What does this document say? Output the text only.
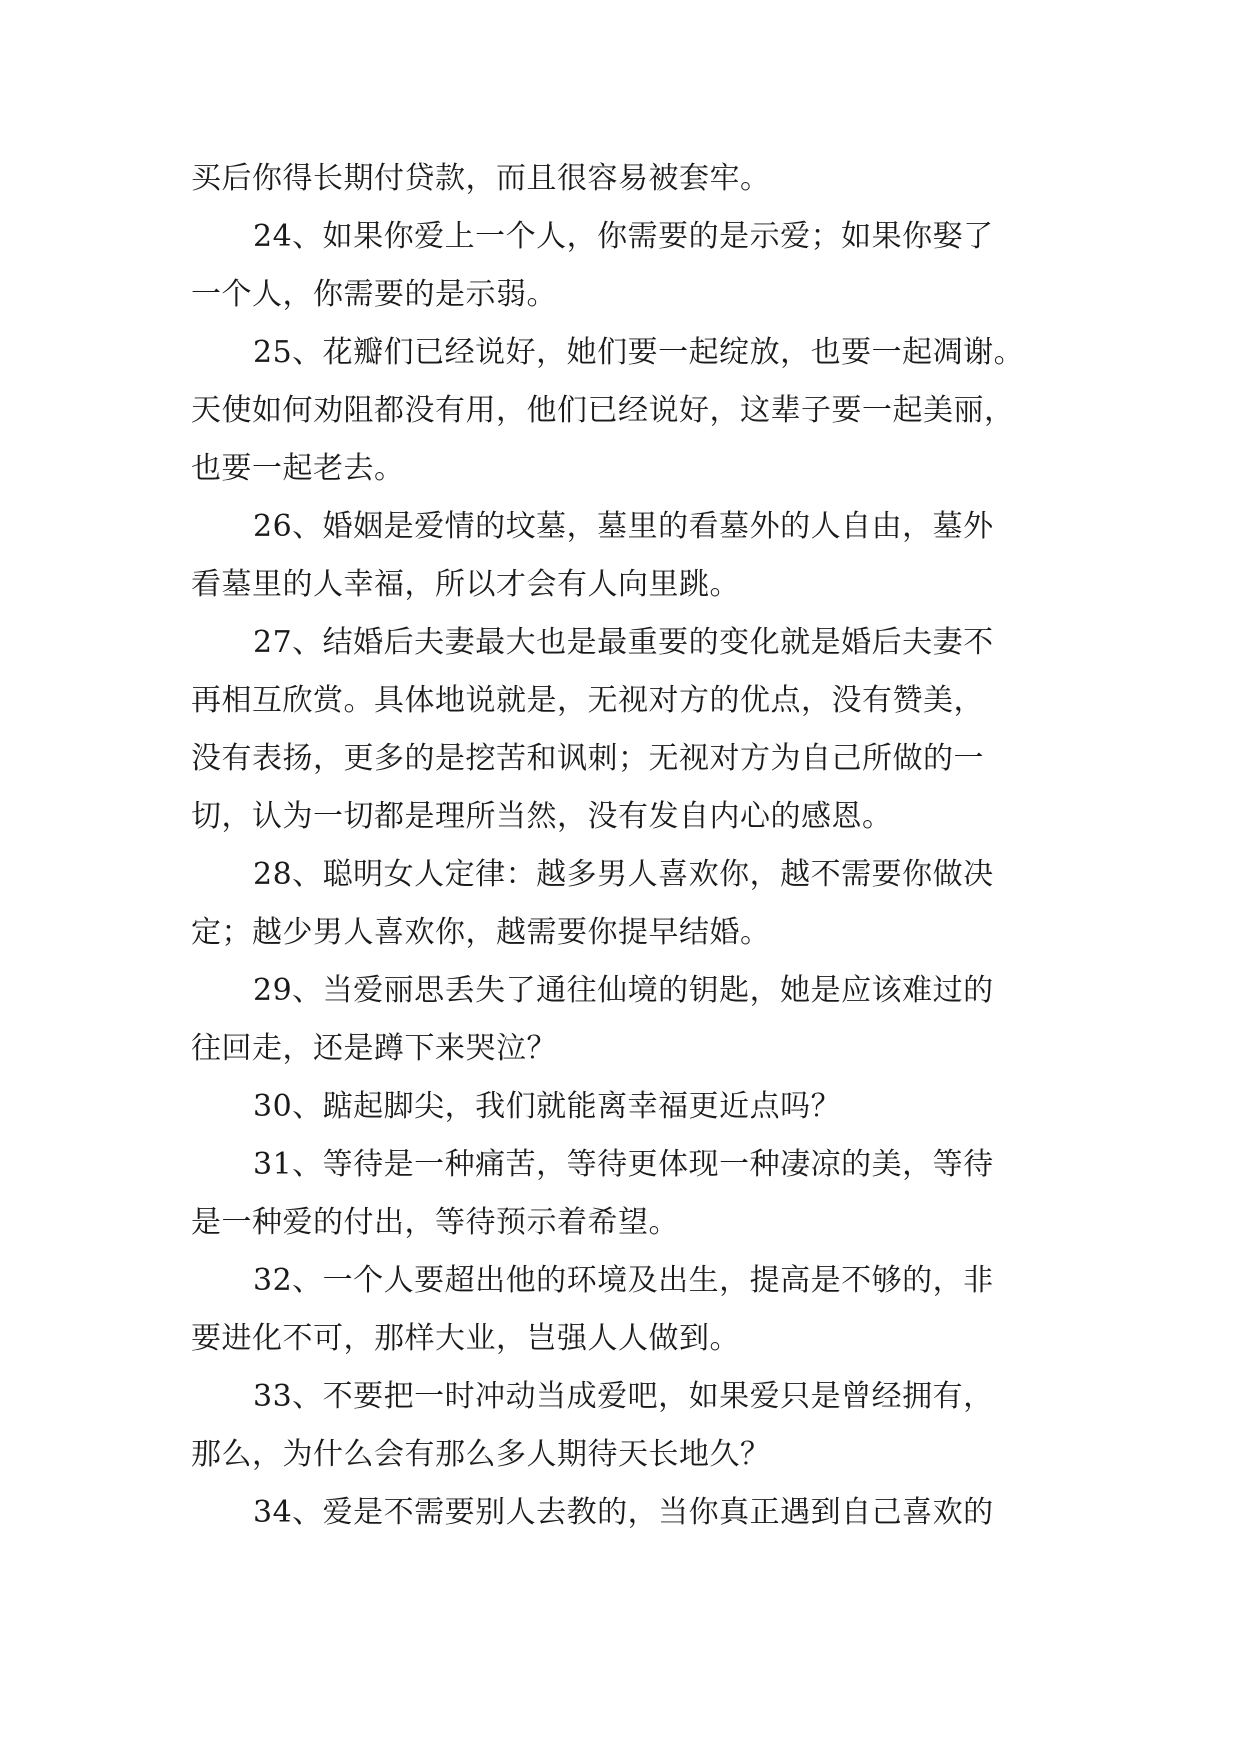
买后你得长期付贷款，而且很容易被套牢。
24、如果你爱上一个人，你需要的是示爱；如果你娶了
一个人，你需要的是示弱。
25、花瓣们已经说好，她们要一起绽放，也要一起凋谢。
天使如何劝阻都没有用，他们已经说好，这辈子要一起美丽，
也要一起老去。
26、婚姻是爱情的坟墓，墓里的看墓外的人自由，墓外
看墓里的人幸福，所以才会有人向里跳。
27、结婚后夫妻最大也是最重要的变化就是婚后夫妻不
再相互欣赏。具体地说就是，无视对方的优点，没有赞美，
没有表扬，更多的是挖苦和讽刺；无视对方为自己所做的一
切，认为一切都是理所当然，没有发自内心的感恩。
28、聪明女人定律：越多男人喜欢你，越不需要你做决
定；越少男人喜欢你，越需要你提早结婚。
29、当爱丽思丢失了通往仙境的钥匙，她是应该难过的
往回走，还是蹲下来哭泣？
30、踮起脚尖，我们就能离幸福更近点吗？
31、等待是一种痛苦，等待更体现一种凄凉的美，等待
是一种爱的付出，等待预示着希望。
32、一个人要超出他的环境及出生，提高是不够的，非
要进化不可，那样大业，岂强人人做到。
33、不要把一时冲动当成爱吧，如果爱只是曾经拥有，
那么，为什么会有那么多人期待天长地久？
34、爱是不需要别人去教的，当你真正遇到自己喜欢的
